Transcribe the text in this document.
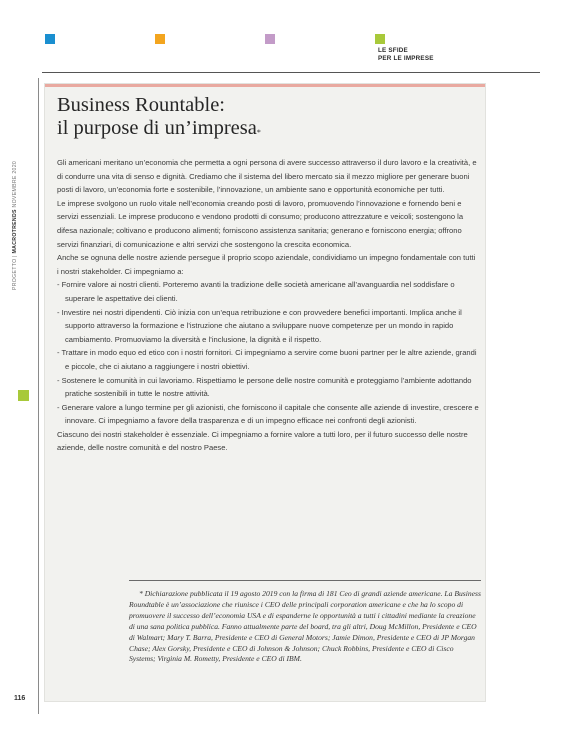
LE SFIDE
PER LE IMPRESE
PROGETTO | MACROTRENDS NOVEMBRE 2020
116
Business Rountable:
il purpose di un’impresa*

Gli americani meritano un’economia che permetta a ogni persona di avere successo attraverso il duro lavoro e la creatività, e di condurre una vita di senso e dignità. Crediamo che il sistema del libero mercato sia il mezzo migliore per generare buoni posti di lavoro, un’economia forte e sostenibile, l’innovazione, un ambiente sano e opportunità economiche per tutti.

Le imprese svolgono un ruolo vitale nell’economia creando posti di lavoro, promuovendo l’innovazione e fornendo beni e servizi essenziali. Le imprese producono e vendono prodotti di consumo; producono attrezzature e veicoli; sostengono la difesa nazionale; coltivano e producono alimenti; forniscono assistenza sanitaria; generano e forniscono energia; offrono servizi finanziari, di comunicazione e altri servizi che sostengono la crescita economica.

Anche se ognuna delle nostre aziende persegue il proprio scopo aziendale, condividiamo un impegno fondamentale con tutti i nostri stakeholder. Ci impegniamo a:

- Fornire valore ai nostri clienti. Porteremo avanti la tradizione delle società americane all’avanguardia nel soddisfare o superare le aspettative dei clienti.

- Investire nei nostri dipendenti. Ciò inizia con un’equa retribuzione e con provvedere benefici importanti. Implica anche il supporto attraverso la formazione e l’istruzione che aiutano a sviluppare nuove competenze per un mondo in rapido cambiamento. Promuoviamo la diversità e l’inclusione, la dignità e il rispetto.

- Trattare in modo equo ed etico con i nostri fornitori. Ci impegniamo a servire come buoni partner per le altre aziende, grandi e piccole, che ci aiutano a raggiungere i nostri obiettivi.

- Sostenere le comunità in cui lavoriamo. Rispettiamo le persone delle nostre comunità e proteggiamo l’ambiente adottando pratiche sostenibili in tutte le nostre attività.

- Generare valore a lungo termine per gli azionisti, che forniscono il capitale che consente alle aziende di investire, crescere e innovare. Ci impegniamo a favore della trasparenza e di un impegno efficace nei confronti degli azionisti.

Ciascuno dei nostri stakeholder è essenziale. Ci impegniamo a fornire valore a tutti loro, per il futuro successo delle nostre aziende, delle nostre comunità e del nostro Paese.

* Dichiarazione pubblicata il 19 agosto 2019 con la firma di 181 Ceo di grandi aziende americane. La Business Roundtable è un’associazione che riunisce i CEO delle principali corporation americane e che ha lo scopo di promuovere il successo dell’economia USA e di espanderne le opportunità a tutti i cittadini mediante la creazione di una sana politica pubblica. Fanno attualmente parte del board, tra gli altri, Doug McMillon, Presidente e CEO di Walmart; Mary T. Barra, Presidente e CEO di General Motors; Jamie Dimon, Presidente e CEO di JP Morgan Chase; Alex Gorsky, Presidente e CEO di Johnson & Johnson; Chuck Robbins, Presidente e CEO di Cisco Systems; Virginia M. Rometty, Presidente e CEO di IBM.
